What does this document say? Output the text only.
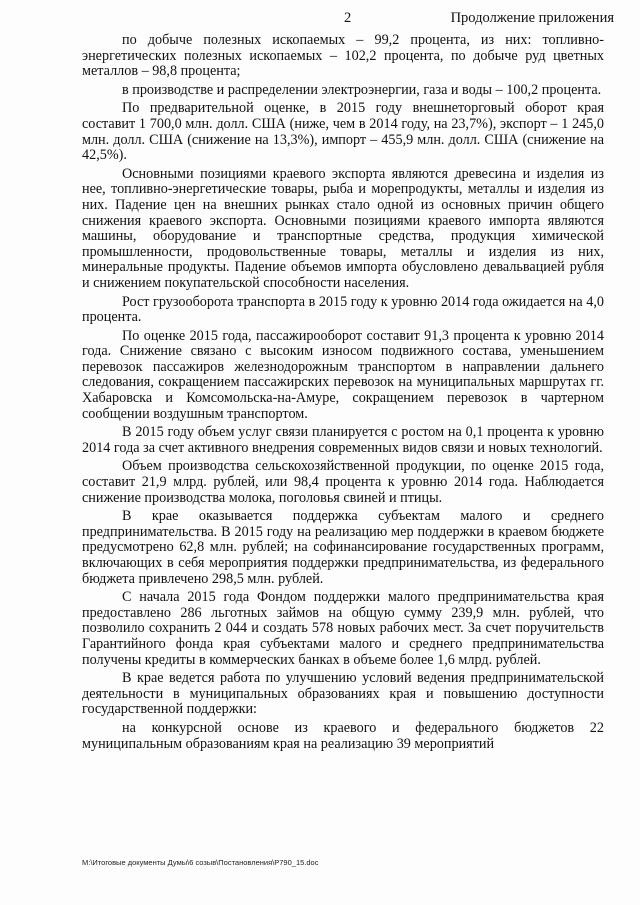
2	Продолжение приложения

по добыче полезных ископаемых – 99,2 процента, из них: топливно-энергетических полезных ископаемых – 102,2 процента, по добыче руд цветных металлов – 98,8 процента;

в производстве и распределении электроэнергии, газа и воды – 100,2 процента.

По предварительной оценке, в 2015 году внешнеторговый оборот края составит 1 700,0 млн. долл. США (ниже, чем в 2014 году, на 23,7%), экспорт – 1 245,0 млн. долл. США (снижение на 13,3%), импорт – 455,9 млн. долл. США (снижение на 42,5%).

Основными позициями краевого экспорта являются древесина и изделия из нее, топливно-энергетические товары, рыба и морепродукты, металлы и изделия из них. Падение цен на внешних рынках стало одной из основных причин общего снижения краевого экспорта. Основными позициями краевого импорта являются машины, оборудование и транспортные средства, продукция химической промышленности, продовольственные товары, металлы и изделия из них, минеральные продукты. Падение объемов импорта обусловлено девальвацией рубля и снижением покупательской способности населения.

Рост грузооборота транспорта в 2015 году к уровню 2014 года ожидается на 4,0 процента.

По оценке 2015 года, пассажирооборот составит 91,3 процента к уровню 2014 года. Снижение связано с высоким износом подвижного состава, уменьшением перевозок пассажиров железнодорожным транспортом в направлении дальнего следования, сокращением пассажирских перевозок на муниципальных маршрутах гг. Хабаровска и Комсомольска-на-Амуре, сокращением перевозок в чартерном сообщении воздушным транспортом.

В 2015 году объем услуг связи планируется с ростом на 0,1 процента к уровню 2014 года за счет активного внедрения современных видов связи и новых технологий.

Объем производства сельскохозяйственной продукции, по оценке 2015 года, составит 21,9 млрд. рублей, или 98,4 процента к уровню 2014 года. Наблюдается снижение производства молока, поголовья свиней и птицы.

В крае оказывается поддержка субъектам малого и среднего предпринимательства. В 2015 году на реализацию мер поддержки в краевом бюджете предусмотрено 62,8 млн. рублей; на софинансирование государственных программ, включающих в себя мероприятия поддержки предпринимательства, из федерального бюджета привлечено 298,5 млн. рублей.

С начала 2015 года Фондом поддержки малого предпринимательства края предоставлено 286 льготных займов на общую сумму 239,9 млн. рублей, что позволило сохранить 2 044 и создать 578 новых рабочих мест. За счет поручительств Гарантийного фонда края субъектами малого и среднего предпринимательства получены кредиты в коммерческих банках в объеме более 1,6 млрд. рублей.

В крае ведется работа по улучшению условий ведения предпринимательской деятельности в муниципальных образованиях края и повышению доступности государственной поддержки:

на конкурсной основе из краевого и федерального бюджетов 22 муниципальным образованиям края на реализацию 39 мероприятий

M:\Итоговые документы Думы\6 созыв\Постановления\P790_15.doc
